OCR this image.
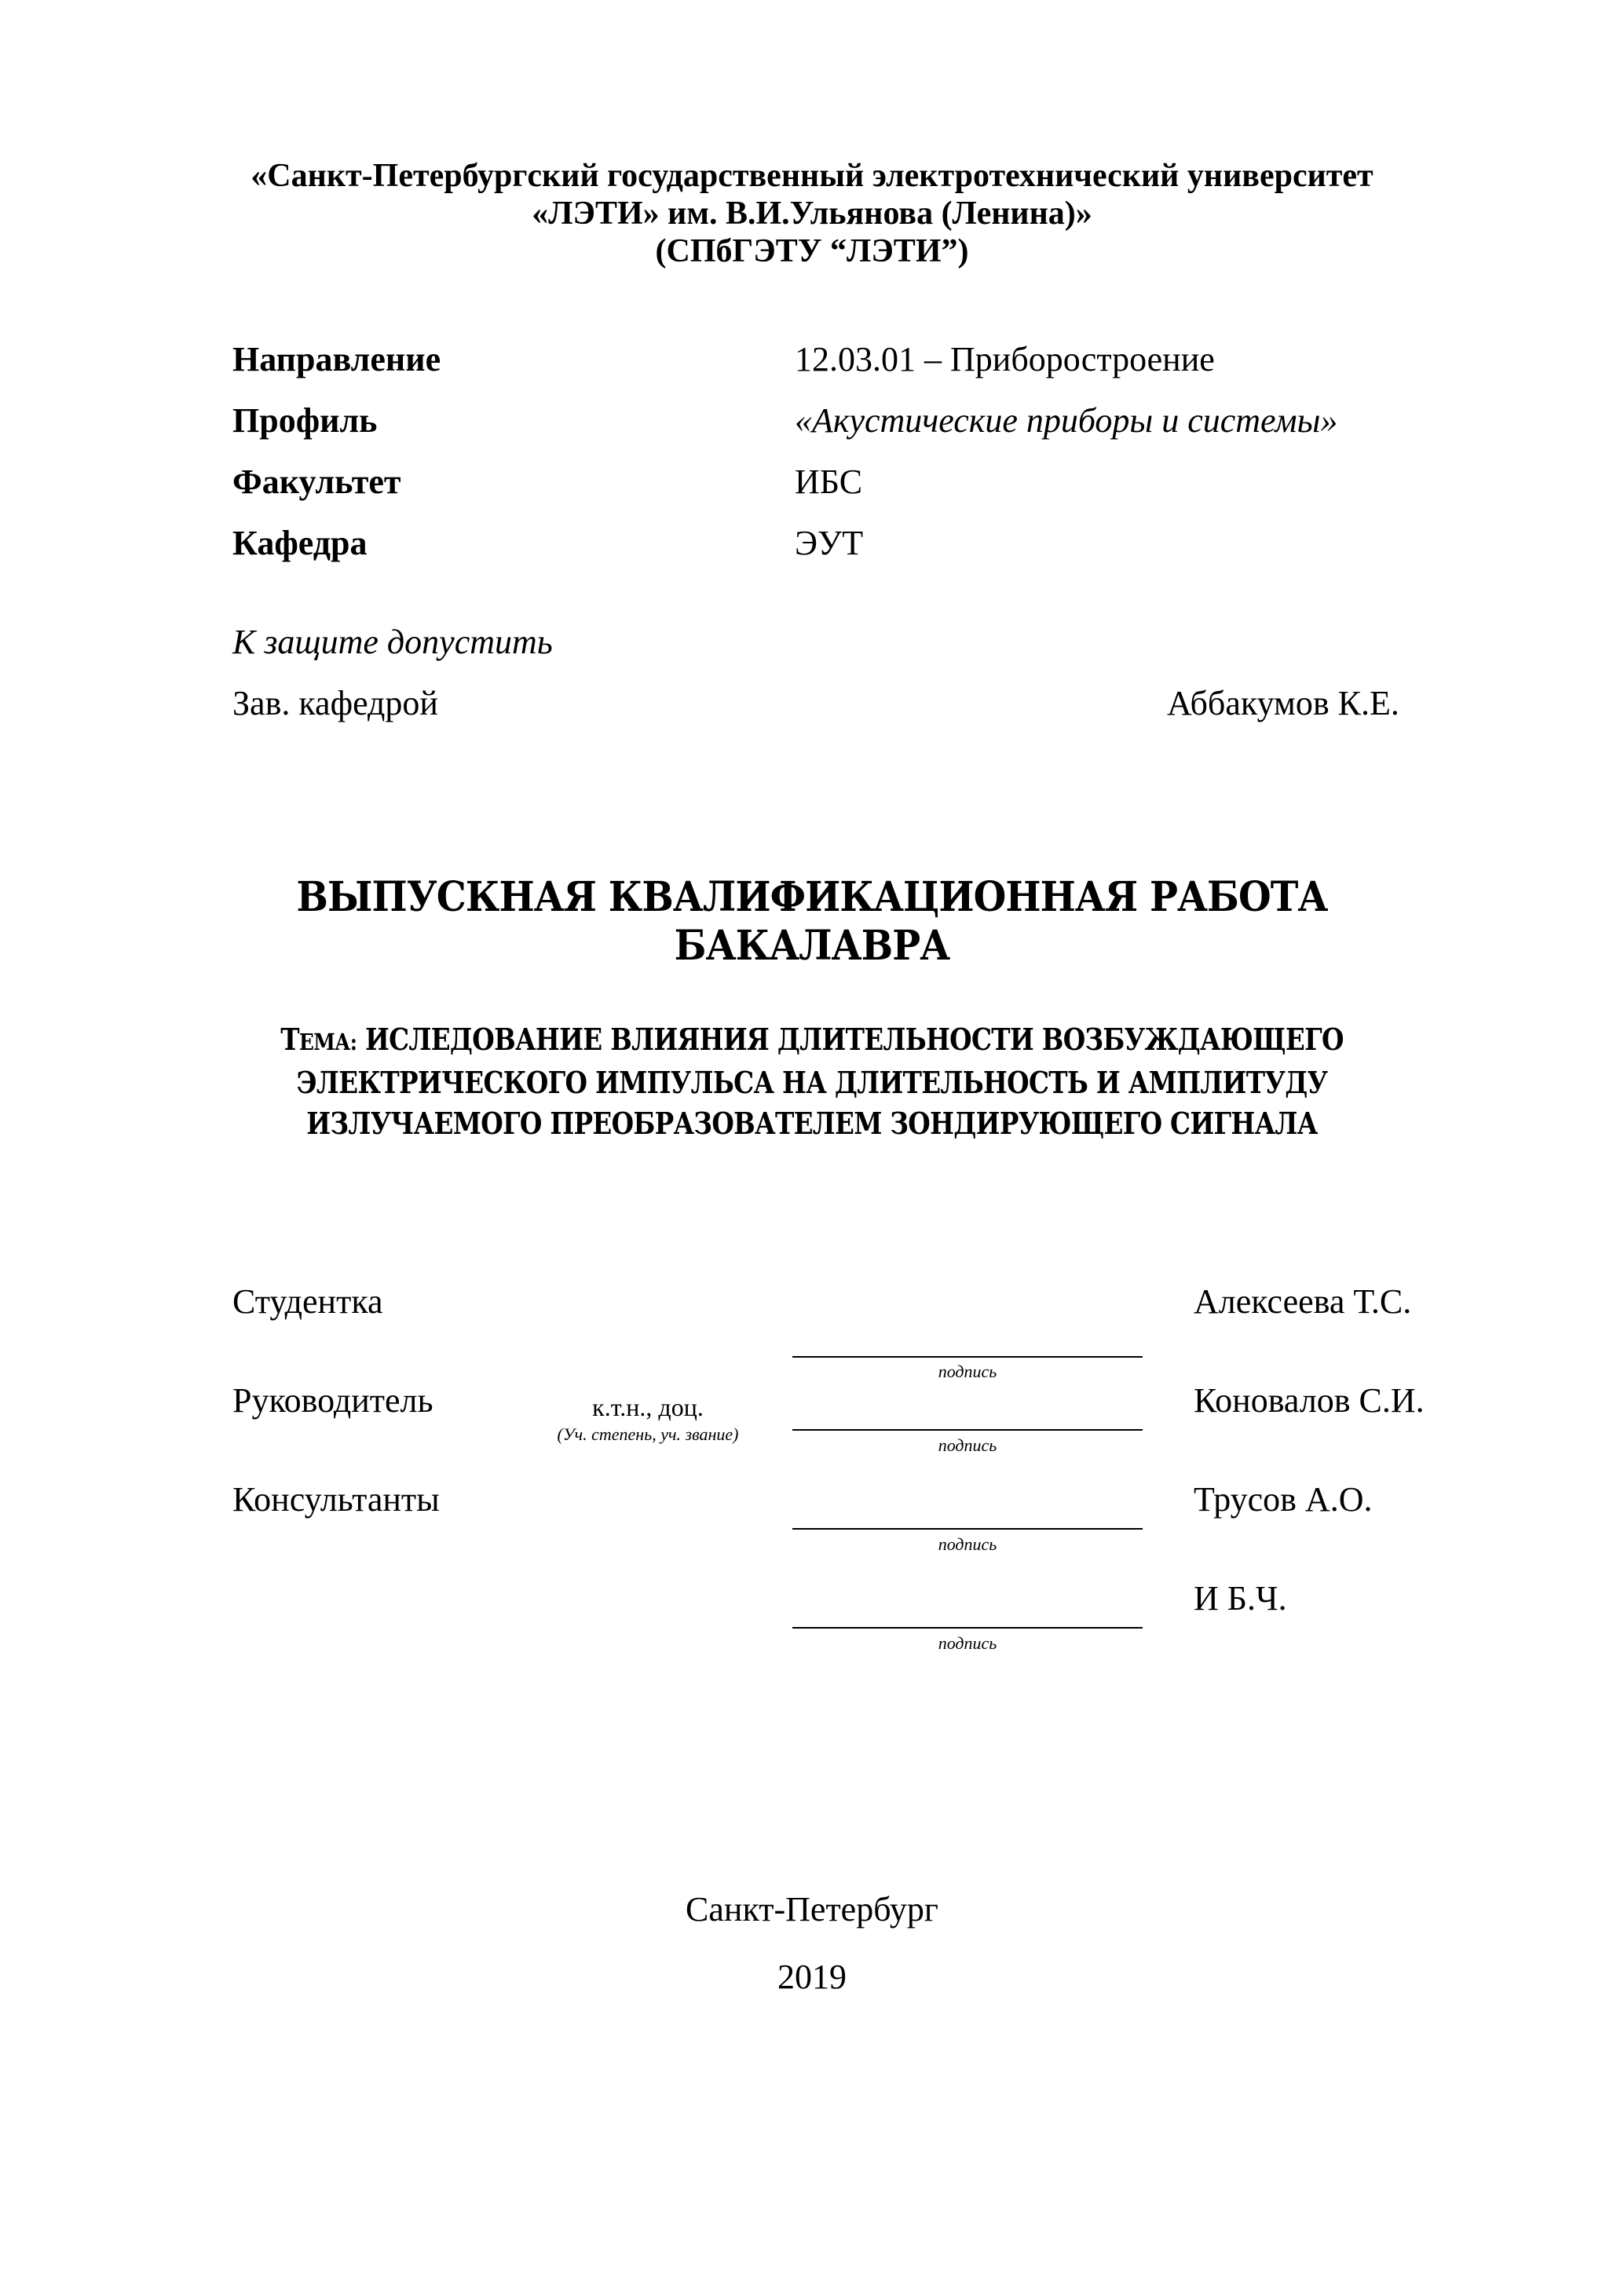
«Санкт-Петербургский государственный электротехнический университет
«ЛЭТИ» им. В.И.Ульянова (Ленина)»
(СПбГЭТУ “ЛЭТИ”)
Направление	12.03.01 – Приборостроение
Профиль	«Акустические приборы и системы»
Факультет	ИБС
Кафедра	ЭУТ
К защите допустить
Зав. кафедрой	Аббакумов К.Е.
ВЫПУСКНАЯ КВАЛИФИКАЦИОННАЯ РАБОТА
БАКАЛАВРА
ТЕМА: ИСЛЕДОВАНИЕ ВЛИЯНИЯ ДЛИТЕЛЬНОСТИ ВОЗБУЖДАЮЩЕГО
ЭЛЕКТРИЧЕСКОГО ИМПУЛЬСА НА ДЛИТЕЛЬНОСТЬ И АМПЛИТУДУ
ИЗЛУЧАЕМОГО ПРЕОБРАЗОВАТЕЛЕМ ЗОНДИРУЮЩЕГО СИГНАЛА
Студентка
подпись
Алексеева Т.С.
Руководитель	к.т.н., доц.
(Уч. степень, уч. звание)
подпись
Коновалов С.И.
Консультанты
подпись
Трусов А.О.
подпись
И Б.Ч.
Санкт-Петербург
2019
